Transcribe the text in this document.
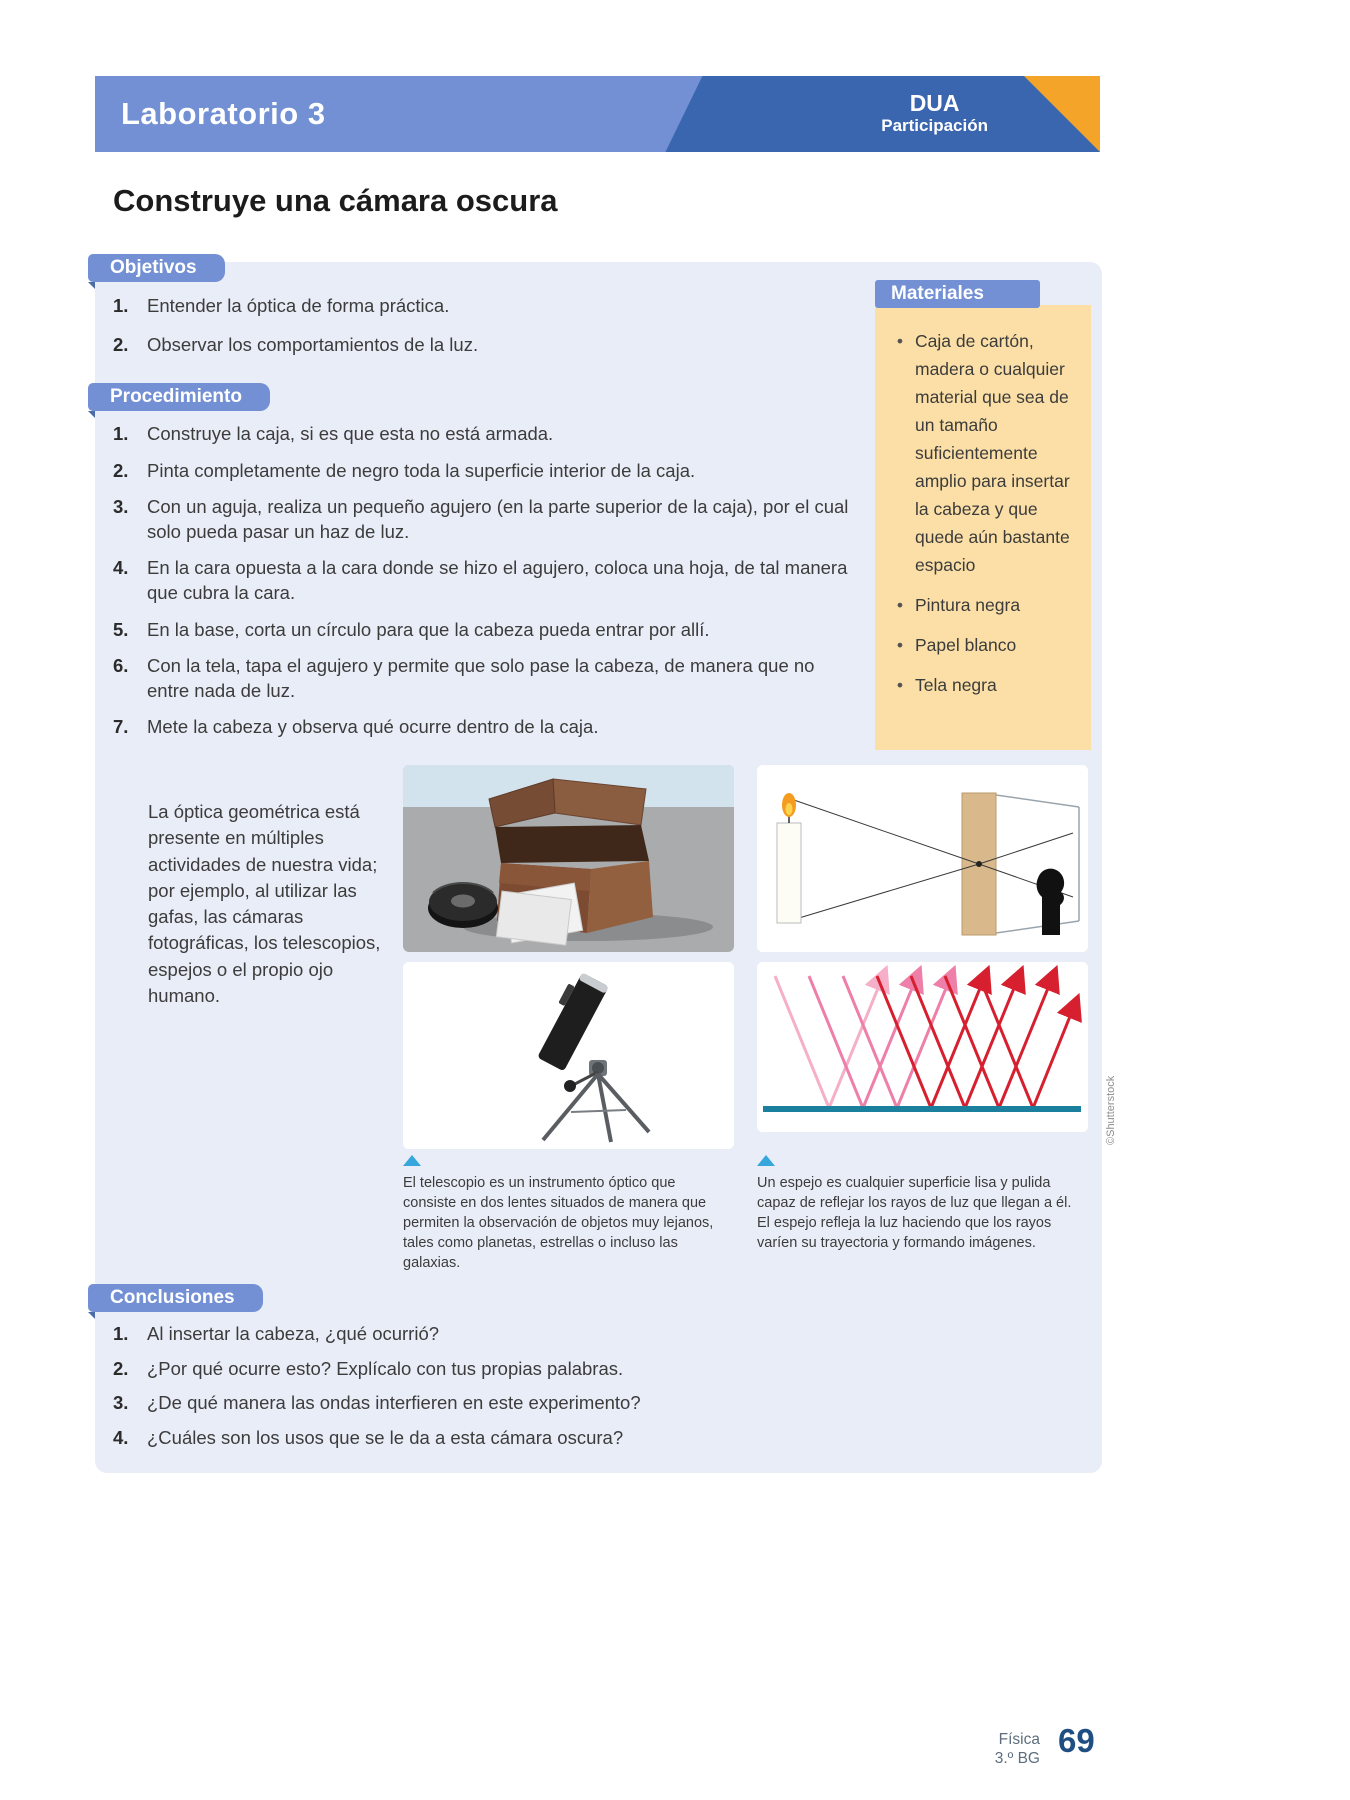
Laboratorio 3	DUA
Participación
Construye una cámara oscura
Objetivos
Entender la óptica de forma práctica.
Observar los comportamientos de la luz.
Procedimiento
Construye la caja, si es que esta no está armada.
Pinta completamente de negro toda la superficie interior de la caja.
Con un aguja, realiza un pequeño agujero (en la parte superior de la caja), por el cual solo pueda pasar un haz de luz.
En la cara opuesta a la cara donde se hizo el agujero, coloca una hoja, de tal manera que cubra la cara.
En la base, corta un círculo para que la cabeza pueda entrar por allí.
Con la tela, tapa el agujero y permite que solo pase la cabeza, de manera que no entre nada de luz.
Mete la cabeza y observa qué ocurre dentro de la caja.
Materiales
•
Caja de cartón, madera o cualquier material que sea de un tamaño suficientemente amplio para insertar la cabeza y que quede aún bastante espacio
•
Pintura negra
•
Papel blanco
•
Tela negra
La óptica geométrica está presente en múltiples actividades de nuestra vida; por ejemplo, al utilizar las gafas, las cámaras fotográficas, los telescopios, espejos o el propio ojo humano.
El telescopio es un instrumento óptico que consiste en dos lentes situados de manera que permiten la observación de objetos muy lejanos, tales como planetas, estrellas o incluso las galaxias.
Un espejo es cualquier superficie lisa y pulida capaz de reflejar los rayos de luz que llegan a él. El espejo refleja la luz haciendo que los rayos varíen su trayectoria y formando imágenes.
©Shutterstock
Conclusiones
Al insertar la cabeza, ¿qué ocurrió?
¿Por qué ocurre esto? Explícalo con tus propias palabras.
¿De qué manera las ondas interfieren en este experimento?
¿Cuáles son los usos que se le da a esta cámara oscura?
Física
3.º BG 69
